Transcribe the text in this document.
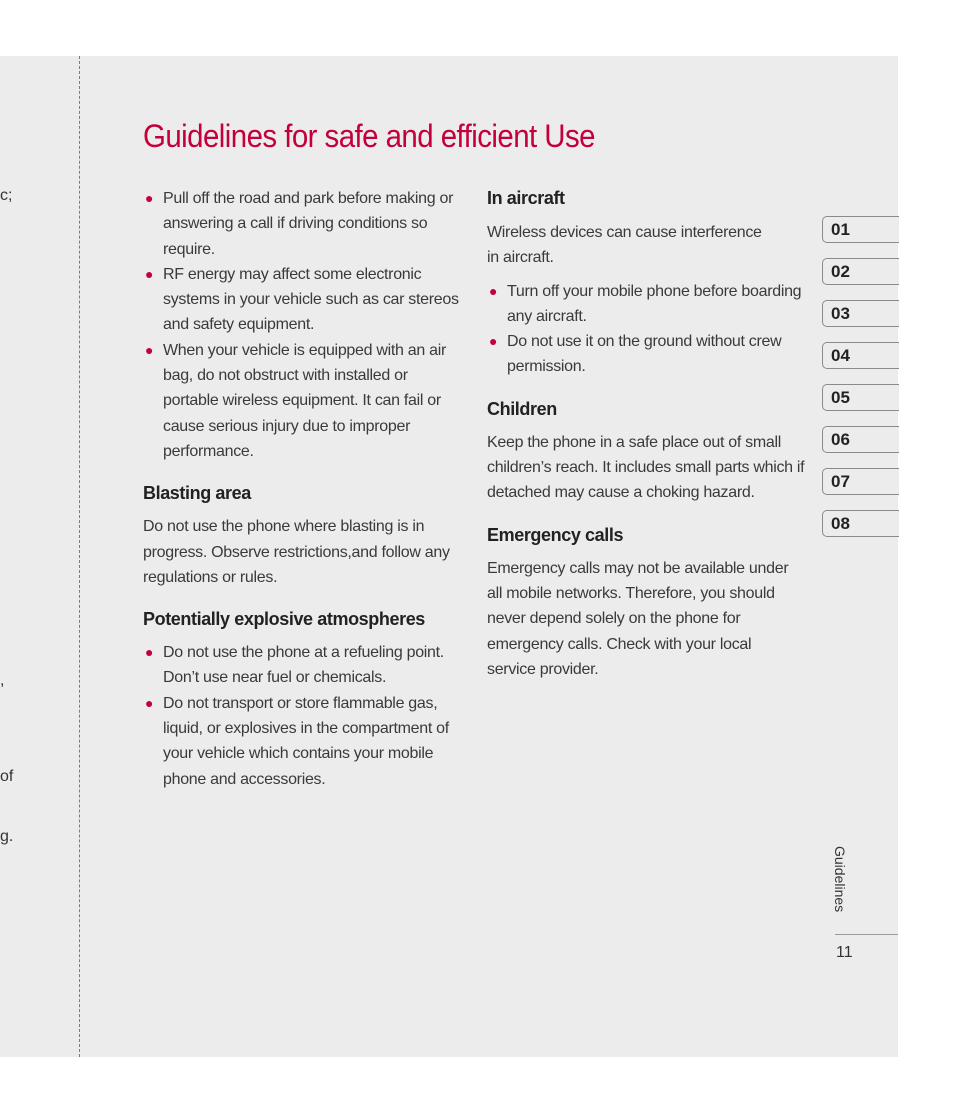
c;
,
of
g.
Guidelines for safe and efficient Use
● Pull off the road and park before making or answering a call if driving conditions so require.
● RF energy may affect some electronic systems in your vehicle such as car stereos and safety equipment.
● When your vehicle is equipped with an air bag, do not obstruct with installed or portable wireless equipment. It can fail or cause serious injury due to improper performance.
Blasting area

Do not use the phone where blasting is in progress. Observe restrictions,and follow any regulations or rules.

Potentially explosive atmospheres
● Do not use the phone at a refueling point. Don’t use near fuel or chemicals.
● Do not transport or store flammable gas, liquid, or explosives in the compartment of your vehicle which contains your mobile phone and accessories.
In aircraft

Wireless devices can cause interference in aircraft.

● Turn off your mobile phone before boarding any aircraft.
● Do not use it on the ground without crew permission.
Children

Keep the phone in a safe place out of small children’s reach. It includes small parts which if detached may cause a choking hazard.

Emergency calls

Emergency calls may not be available under all mobile networks. Therefore, you should never depend solely on the phone for emergency calls. Check with your local service provider.

01
02
03
04
05
06
07
08
Guidelines
11
